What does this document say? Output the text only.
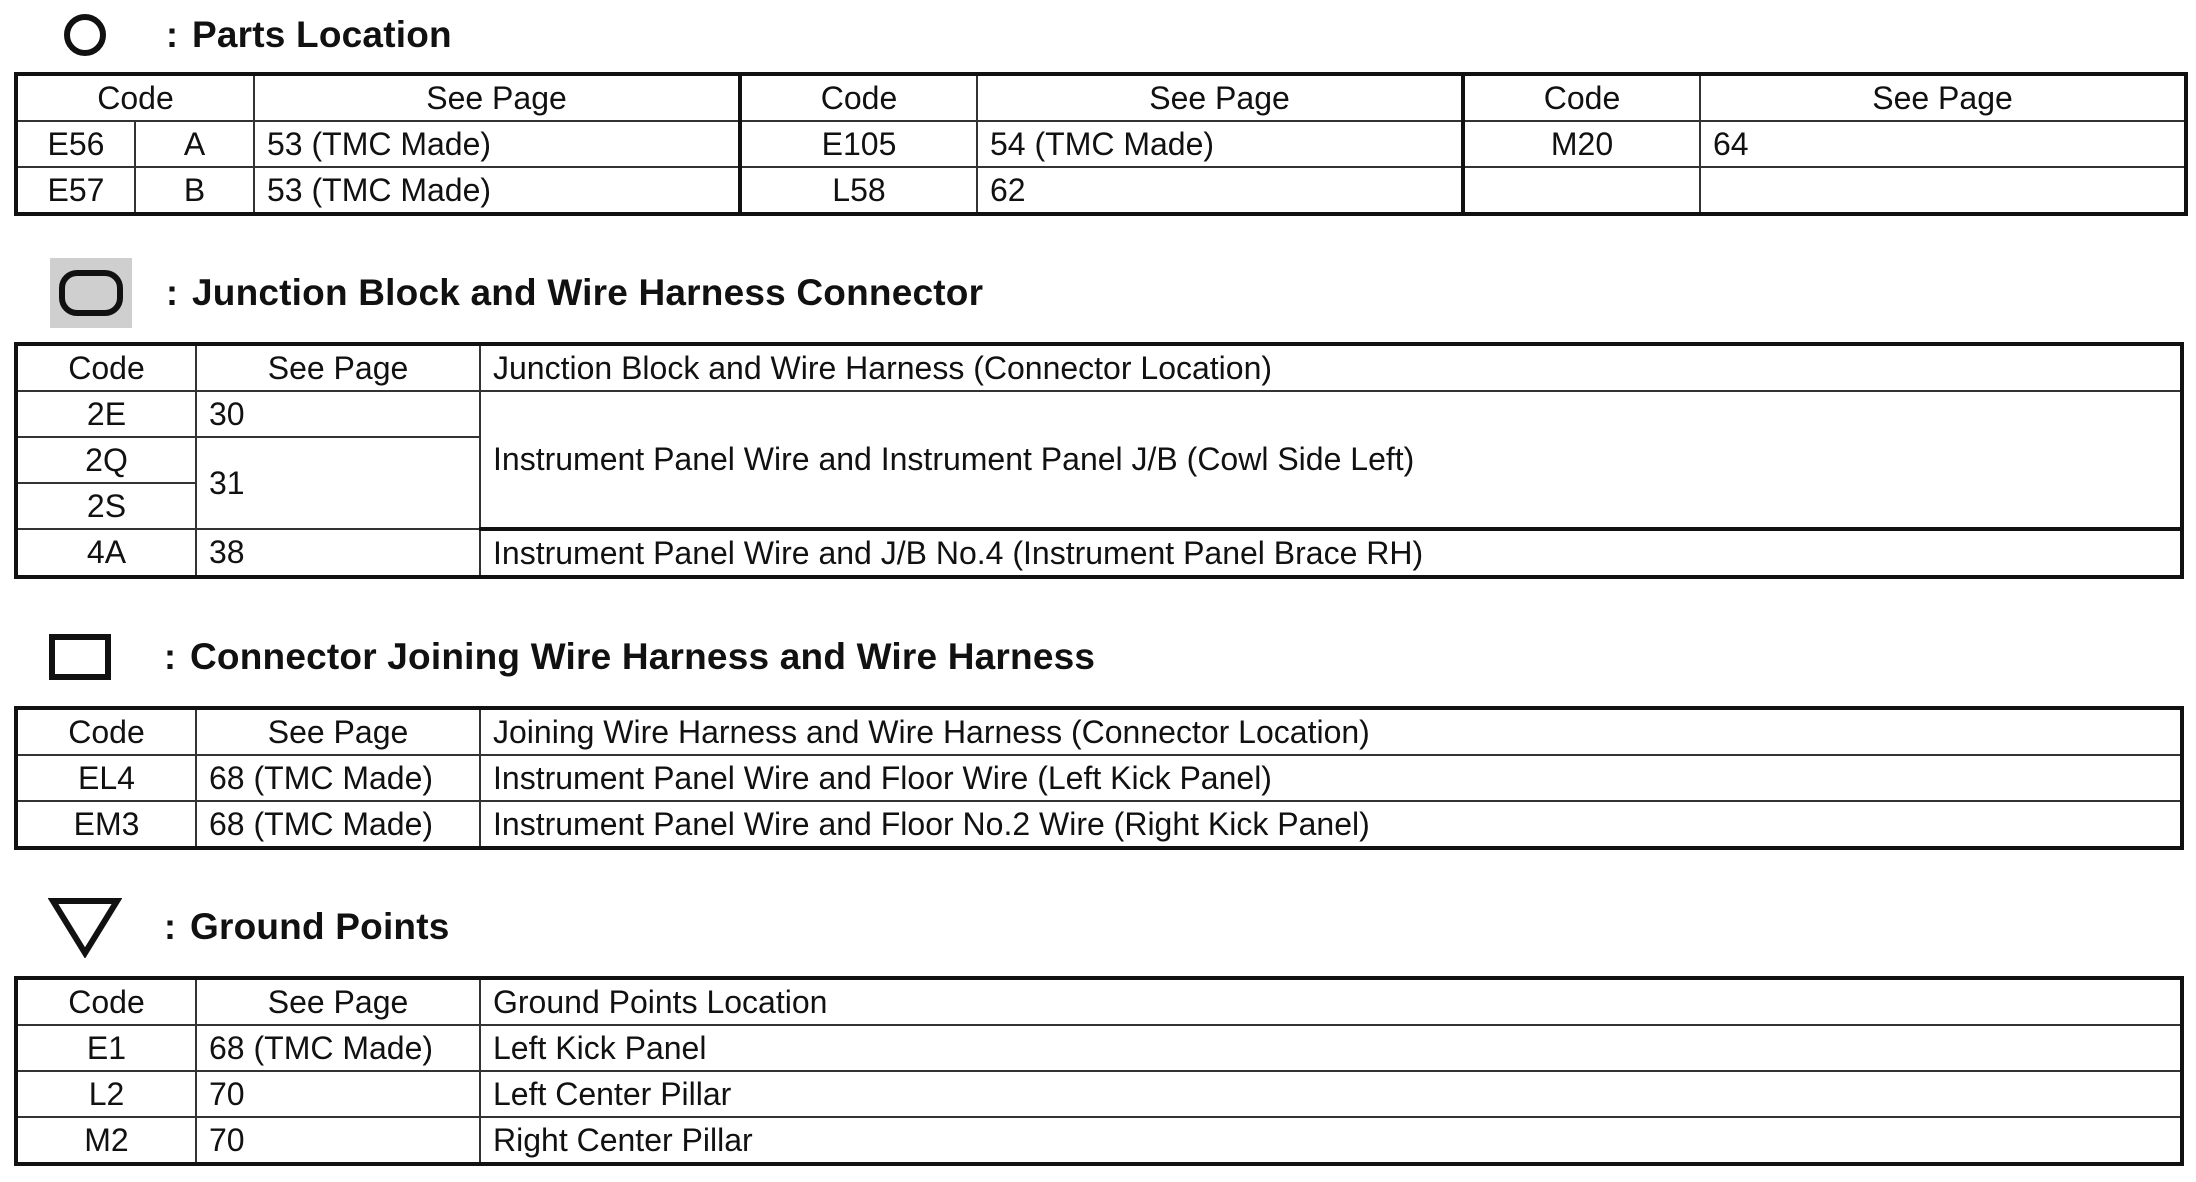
: Parts Location
Code		See Page	Code	See Page	Code	See Page
E56	A	53 (TMC Made)	E105	54 (TMC Made)	M20	64
E57	B	53 (TMC Made)	L58	62		
: Junction Block and Wire Harness Connector
Code	See Page	Junction Block and Wire Harness (Connector Location)
2E	30	Instrument Panel Wire and Instrument Panel J/B (Cowl Side Left)
2Q	31	
2S		
4A	38	Instrument Panel Wire and J/B No.4 (Instrument Panel Brace RH)
: Connector Joining Wire Harness and Wire Harness
Code	See Page	Joining Wire Harness and Wire Harness (Connector Location)
EL4	68 (TMC Made)	Instrument Panel Wire and Floor Wire (Left Kick Panel)
EM3	68 (TMC Made)	Instrument Panel Wire and Floor No.2 Wire (Right Kick Panel)
: Ground Points
Code	See Page	Ground Points Location
E1	68 (TMC Made)	Left Kick Panel
L2	70	Left Center Pillar
M2	70	Right Center Pillar
